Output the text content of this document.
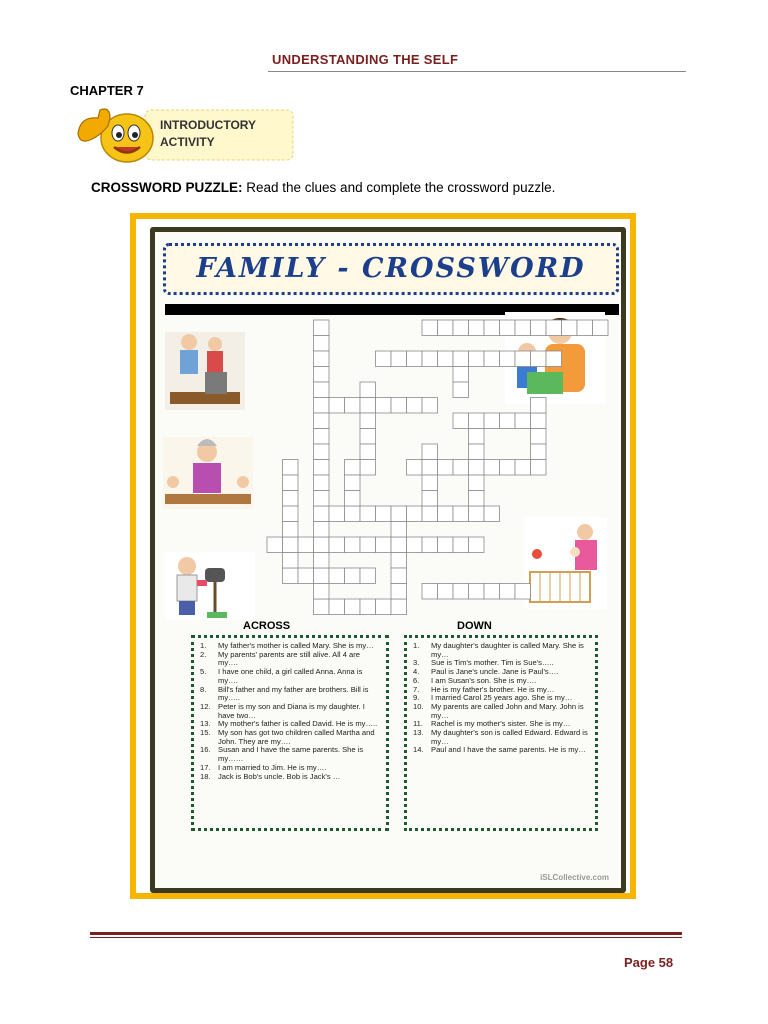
UNDERSTANDING THE SELF
CHAPTER 7
INTRODUCTORY
ACTIVITY
CROSSWORD PUZZLE: Read the clues and complete the crossword puzzle.
FAMILY - CROSSWORD
ACROSS	DOWN
1.	My father's mother is called Mary. She is my…
2.	My parents' parents are still alive. All 4 are my….
5.	I have one child, a girl called Anna. Anna is my….
8.	Bill's father and my father are brothers. Bill is my…..
12. Peter is my son and Diana is my daughter. I have two…
13. My mother's father is called David. He is my…..
15. My son has got two children called Martha and John. They are my….
16. Susan and I have the same parents. She is my……
17. I am married to Jim. He is my….
18. Jack is Bob's uncle. Bob is Jack's …
1.	My daughter's daughter is called Mary. She is my…
3.	Sue is Tim's mother. Tim is Sue's…..
4.	Paul is Jane's uncle. Jane is Paul's….
6.	I am Susan's son. She is my….
7.	He is my father's brother. He is my…
9.	I married Carol 25 years ago. She is my…
10. My parents are called John and Mary. John is my…
11.	Rachel is my mother's sister. She is my…
13. My daughter's son is called Edward. Edward is my…
14. Paul and I have the same parents. He is my…
iSLCollective.com
Page 58
